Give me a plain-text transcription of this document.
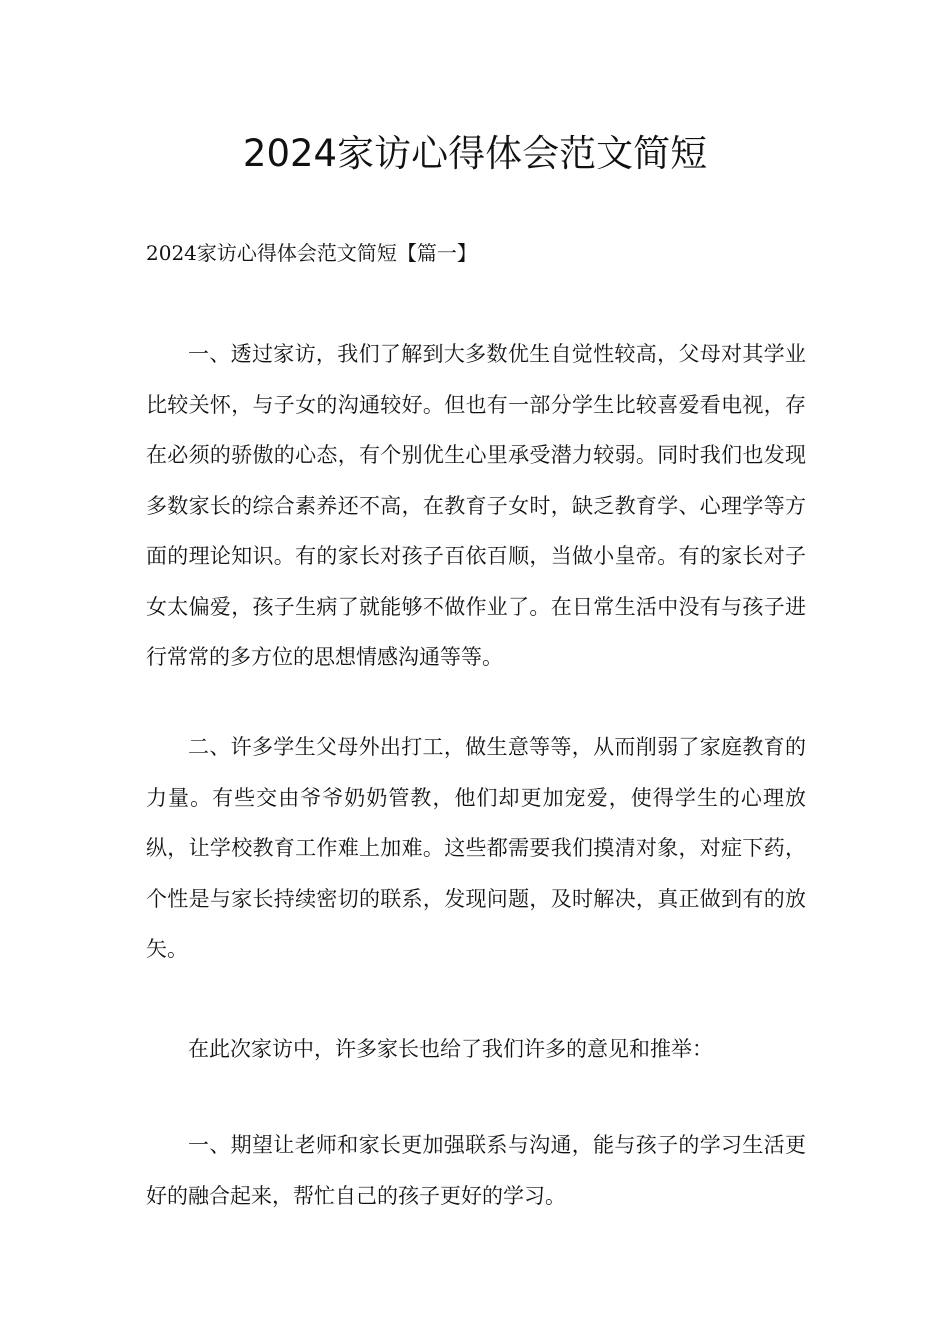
2024家访心得体会范文简短

2024家访心得体会范文简短【篇一】

一、透过家访，我们了解到大多数优生自觉性较高，父母对其学业比较关怀，与子女的沟通较好。但也有一部分学生比较喜爱看电视，存在必须的骄傲的心态，有个别优生心里承受潜力较弱。同时我们也发现多数家长的综合素养还不高，在教育子女时，缺乏教育学、心理学等方面的理论知识。有的家长对孩子百依百顺，当做小皇帝。有的家长对子女太偏爱，孩子生病了就能够不做作业了。在日常生活中没有与孩子进行常常的多方位的思想情感沟通等等。

二、许多学生父母外出打工，做生意等等，从而削弱了家庭教育的力量。有些交由爷爷奶奶管教，他们却更加宠爱，使得学生的心理放纵，让学校教育工作难上加难。这些都需要我们摸清对象，对症下药，个性是与家长持续密切的联系，发现问题，及时解决，真正做到有的放矢。

在此次家访中，许多家长也给了我们许多的意见和推举：

一、期望让老师和家长更加强联系与沟通，能与孩子的学习生活更好的融合起来，帮忙自己的孩子更好的学习。
